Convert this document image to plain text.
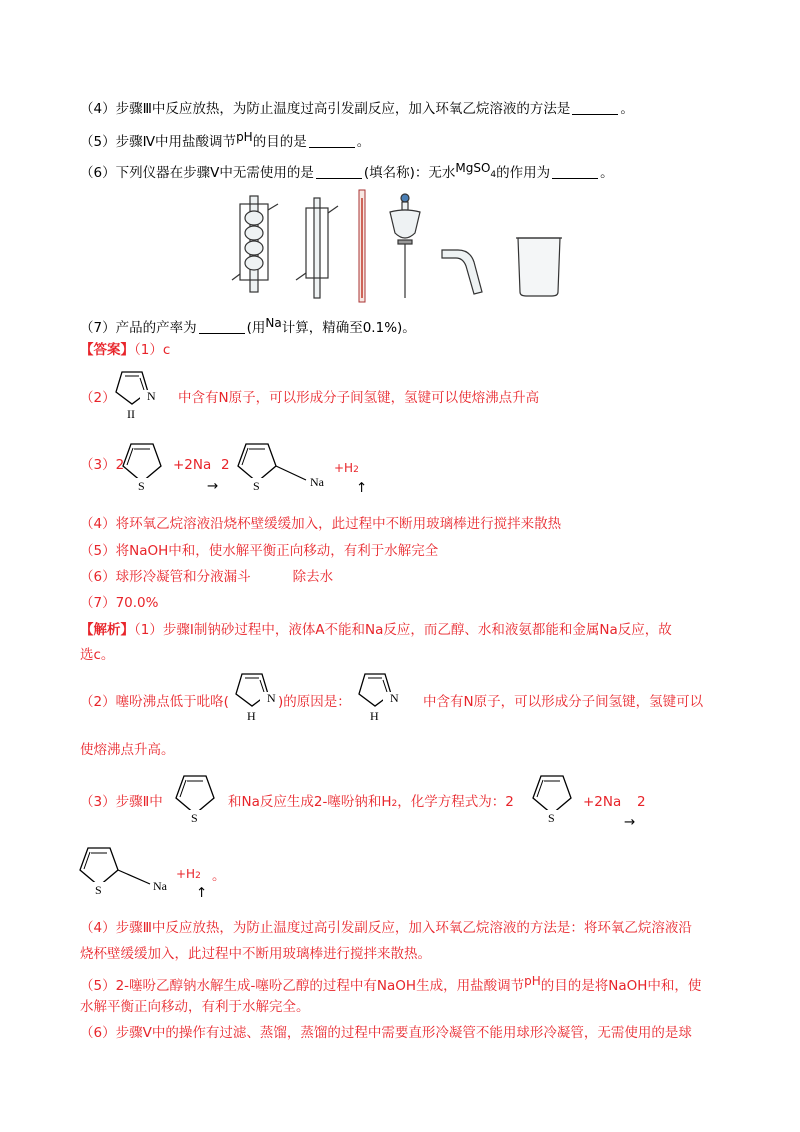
（4）步骤Ⅲ中反应放热，为防止温度过高引发副反应，加入环氧乙烷溶液的方法是	。
（5）步骤Ⅳ中用盐酸调节pH的目的是	。
（6）下列仪器在步骤Ⅴ中无需使用的是	(填名称)：无水MgSO4的作用为	。
（7）产品的产率为	(用Na计算，精确至0.1%)。
【答案】（1）c
（2）	N
II
中含有N原子，可以形成分子间氢键，氢键可以使熔沸点升高
（3）2
S
+2Na 2
→	S	Na
+H2
↑
（4）将环氧乙烷溶液沿烧杯壁缓缓加入，此过程中不断用玻璃棒进行搅拌来散热
（5）将NaOH中和，使水解平衡正向移动，有利于水解完全
（6）球形冷凝管和分液漏斗	除去水
（7）70.0%
【解析】（1）步骤Ⅰ制钠砂过程中，液体A不能和Na反应，而乙醇、水和液氨都能和金属Na反应，故
选c。
（2）噻吩沸点低于吡咯(	N
H
)的原因是：	N
H
中含有N原子，可以形成分子间氢键，氢键可以
使熔沸点升高。
（3）步骤Ⅱ中
S
和Na反应生成2-噻吩钠和H2，化学方程式为：2
S
+2Na 2
→
S	Na
+H2 。
↑
（4）步骤Ⅲ中反应放热，为防止温度过高引发副反应，加入环氧乙烷溶液的方法是：将环氧乙烷溶液沿
烧杯壁缓缓加入，此过程中不断用玻璃棒进行搅拌来散热。
（5）2-噻吩乙醇钠水解生成-噻吩乙醇的过程中有NaOH生成，用盐酸调节pH的目的是将NaOH中和，使
水解平衡正向移动，有利于水解完全。
（6）步骤Ⅴ中的操作有过滤、蒸馏，蒸馏的过程中需要直形冷凝管不能用球形冷凝管，无需使用的是球
